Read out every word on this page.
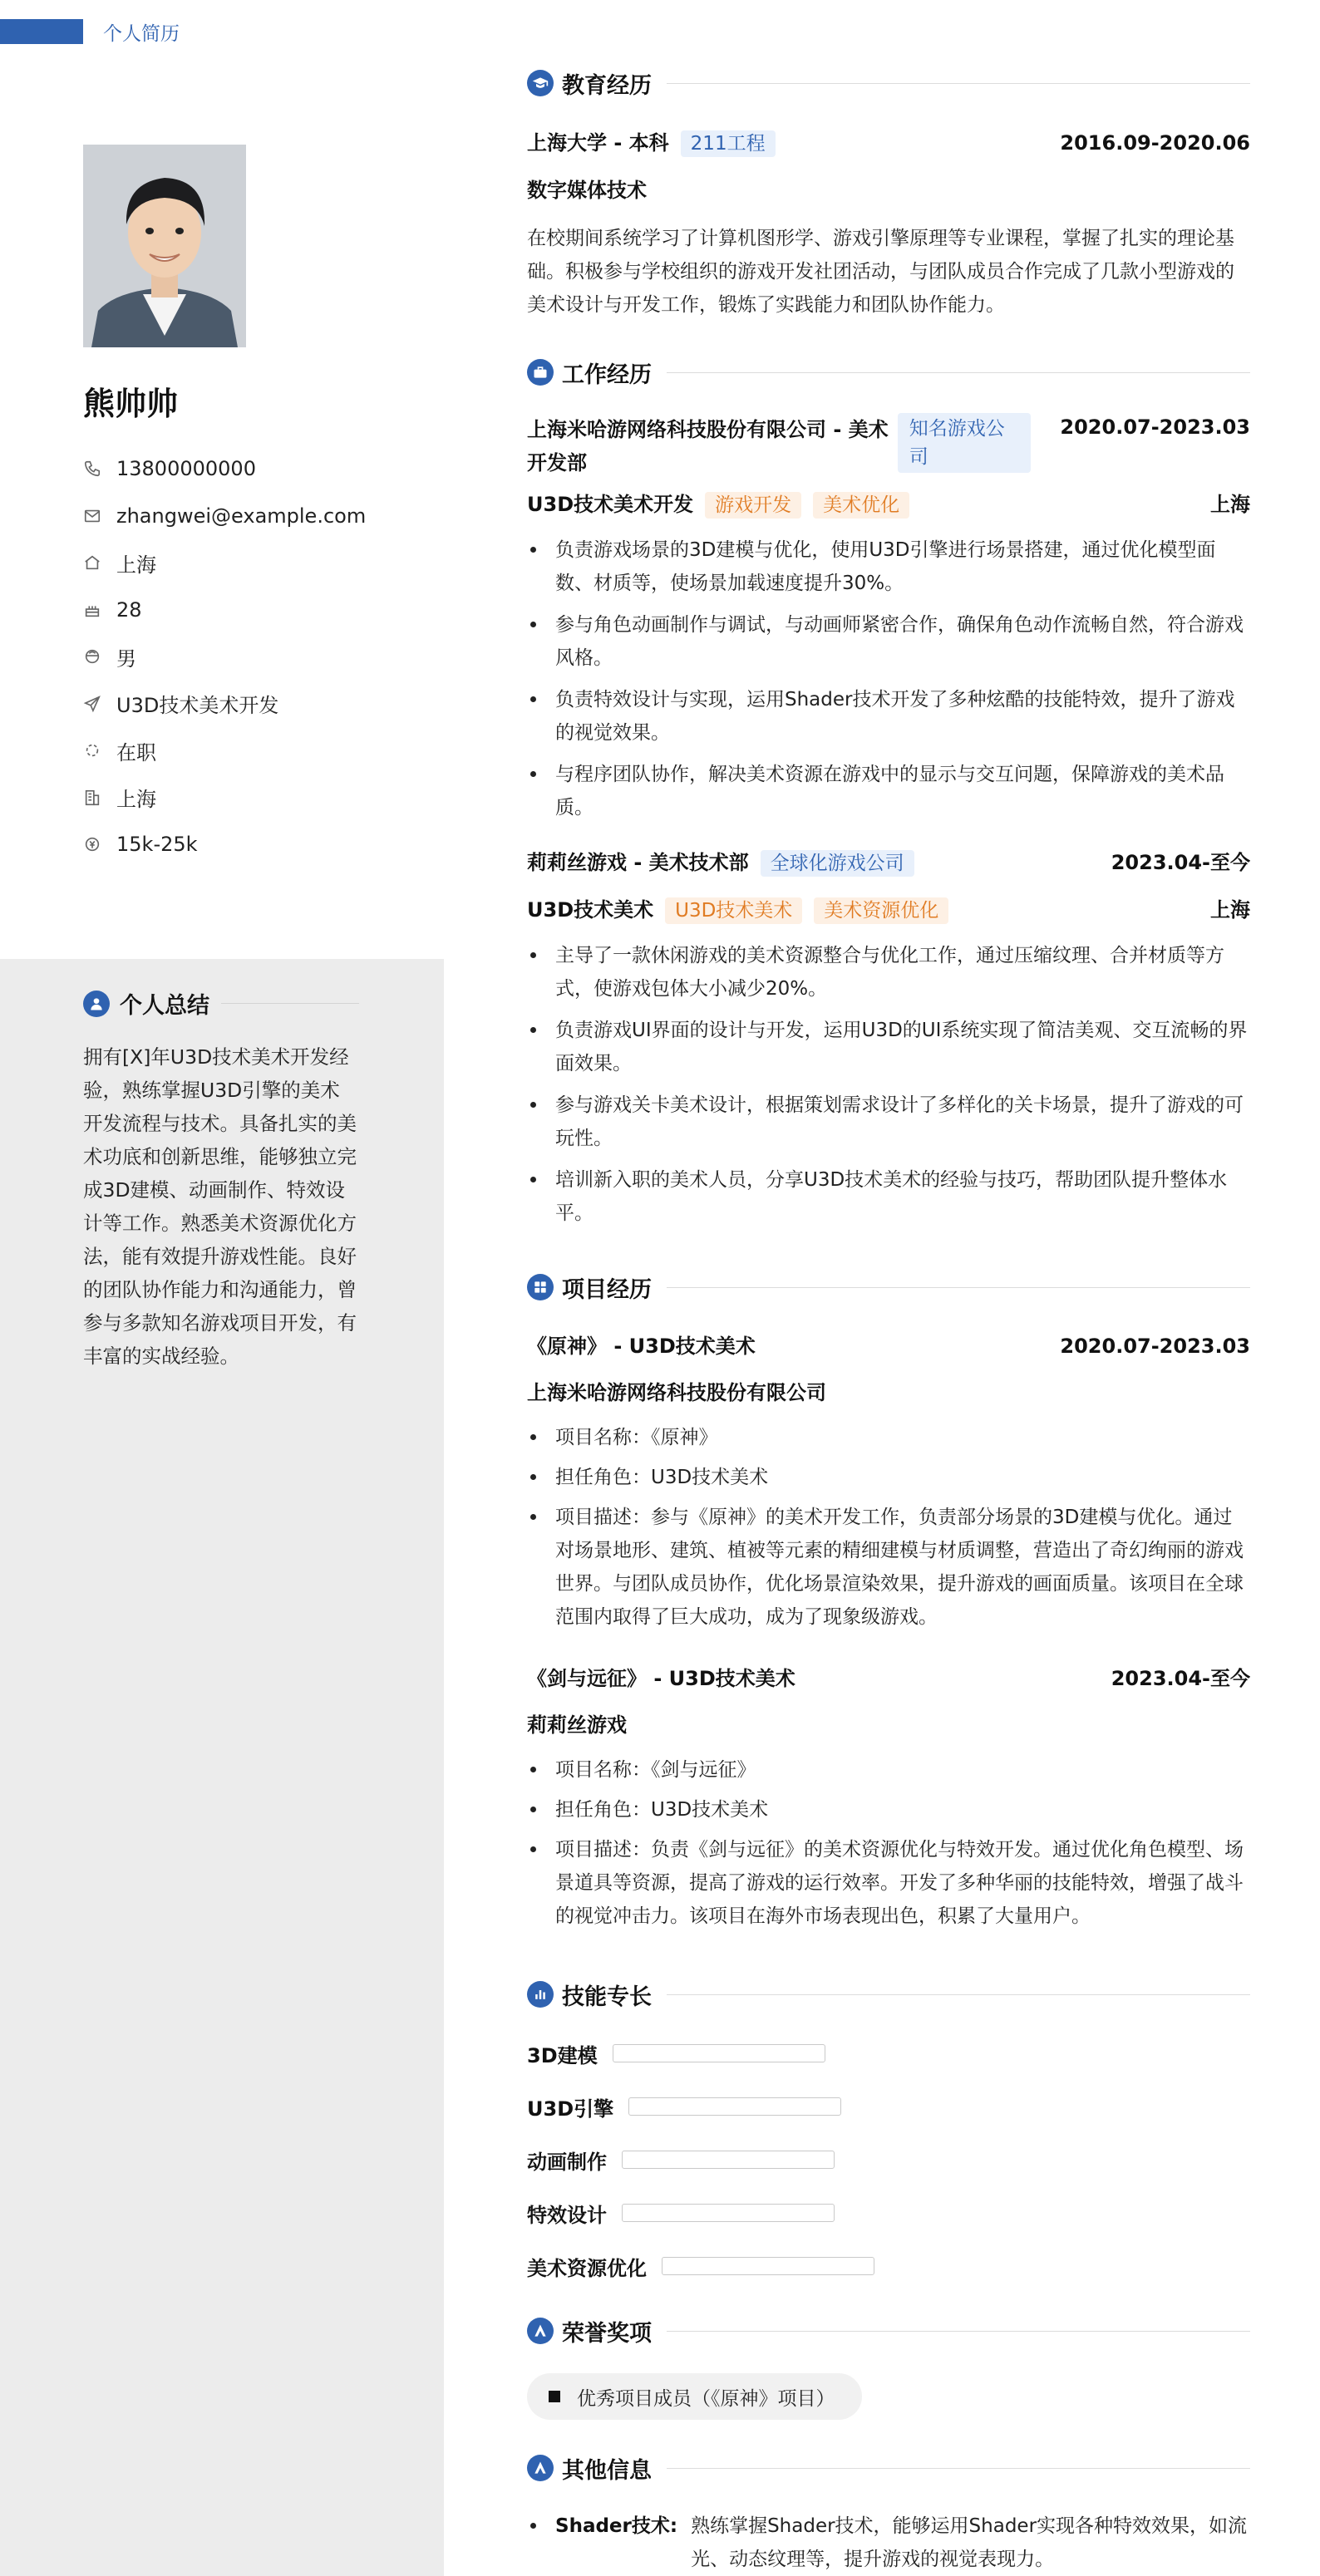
个人简历
熊帅帅
13800000000
zhangwei@example.com
上海
28
男
U3D技术美术开发
在职
上海
15k-25k
个人总结

拥有[X]年U3D技术美术开发经验，熟练掌握U3D引擎的美术开发流程与技术。具备扎实的美术功底和创新思维，能够独立完成3D建模、动画制作、特效设计等工作。熟悉美术资源优化方法，能有效提升游戏性能。良好的团队协作能力和沟通能力，曾参与多款知名游戏项目开发，有丰富的实战经验。

教育经历
上海大学 - 本科 211工程	2016.09-2020.06
数字媒体技术

在校期间系统学习了计算机图形学、游戏引擎原理等专业课程，掌握了扎实的理论基础。积极参与学校组织的游戏开发社团活动，与团队成员合作完成了几款小型游戏的美术设计与开发工作，锻炼了实践能力和团队协作能力。

工作经历
上海米哈游网络科技股份有限公司 - 美术开发部
知名游戏公司
2020.07-2023.03
U3D技术美术开发 游戏开发 美术优化	上海
负责游戏场景的3D建模与优化，使用U3D引擎进行场景搭建，通过优化模型面数、材质等，使场景加载速度提升30%。
参与角色动画制作与调试，与动画师紧密合作，确保角色动作流畅自然，符合游戏风格。
负责特效设计与实现，运用Shader技术开发了多种炫酷的技能特效，提升了游戏的视觉效果。
与程序团队协作，解决美术资源在游戏中的显示与交互问题，保障游戏的美术品质。
莉莉丝游戏 - 美术技术部 全球化游戏公司	2023.04-至今
U3D技术美术 U3D技术美术 美术资源优化	上海
主导了一款休闲游戏的美术资源整合与优化工作，通过压缩纹理、合并材质等方式，使游戏包体大小减少20%。
负责游戏UI界面的设计与开发，运用U3D的UI系统实现了简洁美观、交互流畅的界面效果。
参与游戏关卡美术设计，根据策划需求设计了多样化的关卡场景，提升了游戏的可玩性。
培训新入职的美术人员，分享U3D技术美术的经验与技巧，帮助团队提升整体水平。
项目经历
《原神》 - U3D技术美术	2020.07-2023.03
上海米哈游网络科技股份有限公司
项目名称：《原神》
担任角色：U3D技术美术
项目描述：参与《原神》的美术开发工作，负责部分场景的3D建模与优化。通过对场景地形、建筑、植被等元素的精细建模与材质调整，营造出了奇幻绚丽的游戏世界。与团队成员协作，优化场景渲染效果，提升游戏的画面质量。该项目在全球范围内取得了巨大成功，成为了现象级游戏。
《剑与远征》 - U3D技术美术	2023.04-至今
莉莉丝游戏
项目名称：《剑与远征》
担任角色：U3D技术美术
项目描述：负责《剑与远征》的美术资源优化与特效开发。通过优化角色模型、场景道具等资源，提高了游戏的运行效率。开发了多种华丽的技能特效，增强了战斗的视觉冲击力。该项目在海外市场表现出色，积累了大量用户。
技能专长
3D建模
U3D引擎
动画制作
特效设计
美术资源优化
荣誉奖项
优秀项目成员（《原神》项目）
其他信息
Shader技术: 熟练掌握Shader技术，能够运用Shader实现各种特效效果，如流光、动态纹理等，提升游戏的视觉表现力。
